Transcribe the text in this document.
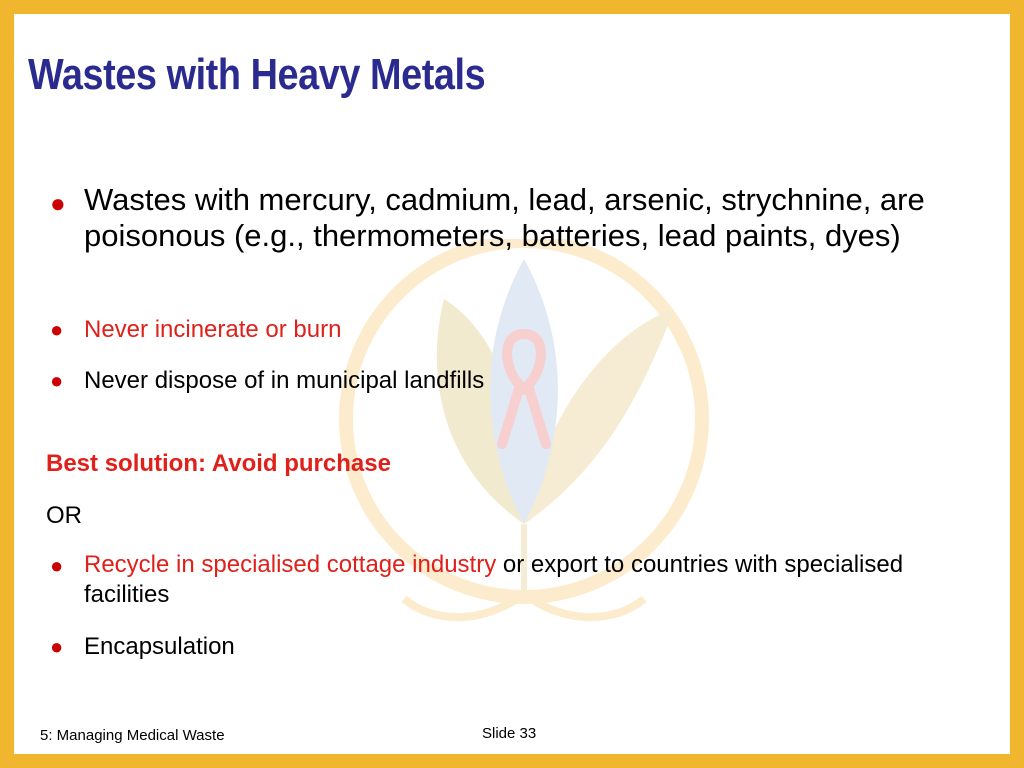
Wastes with Heavy Metals
● Wastes with mercury, cadmium, lead, arsenic, strychnine, are poisonous (e.g., thermometers, batteries, lead paints, dyes)
● Never incinerate or burn
● Never dispose of in municipal landfills
Best solution: Avoid purchase
OR
● Recycle in specialised cottage industry or export to countries with specialised facilities
● Encapsulation
5: Managing Medical Waste	Slide 33
